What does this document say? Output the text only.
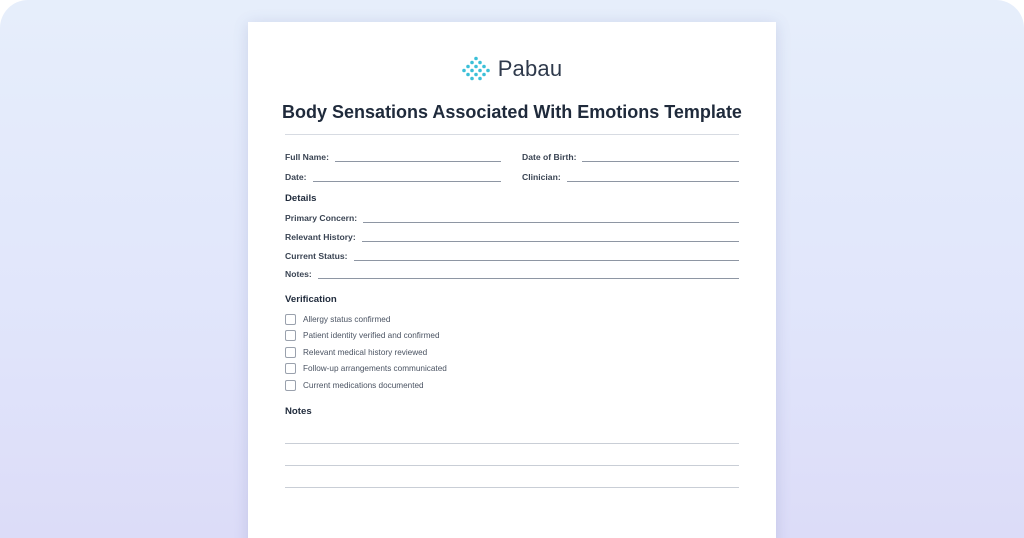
Pabau
Body Sensations Associated With Emotions Template
Full Name:	Date of Birth:
Date:	Clinician:
Details
Primary Concern:
Relevant History:
Current Status:
Notes:
Verification
Allergy status confirmed
Patient identity verified and confirmed
Relevant medical history reviewed
Follow-up arrangements communicated
Current medications documented
Notes
